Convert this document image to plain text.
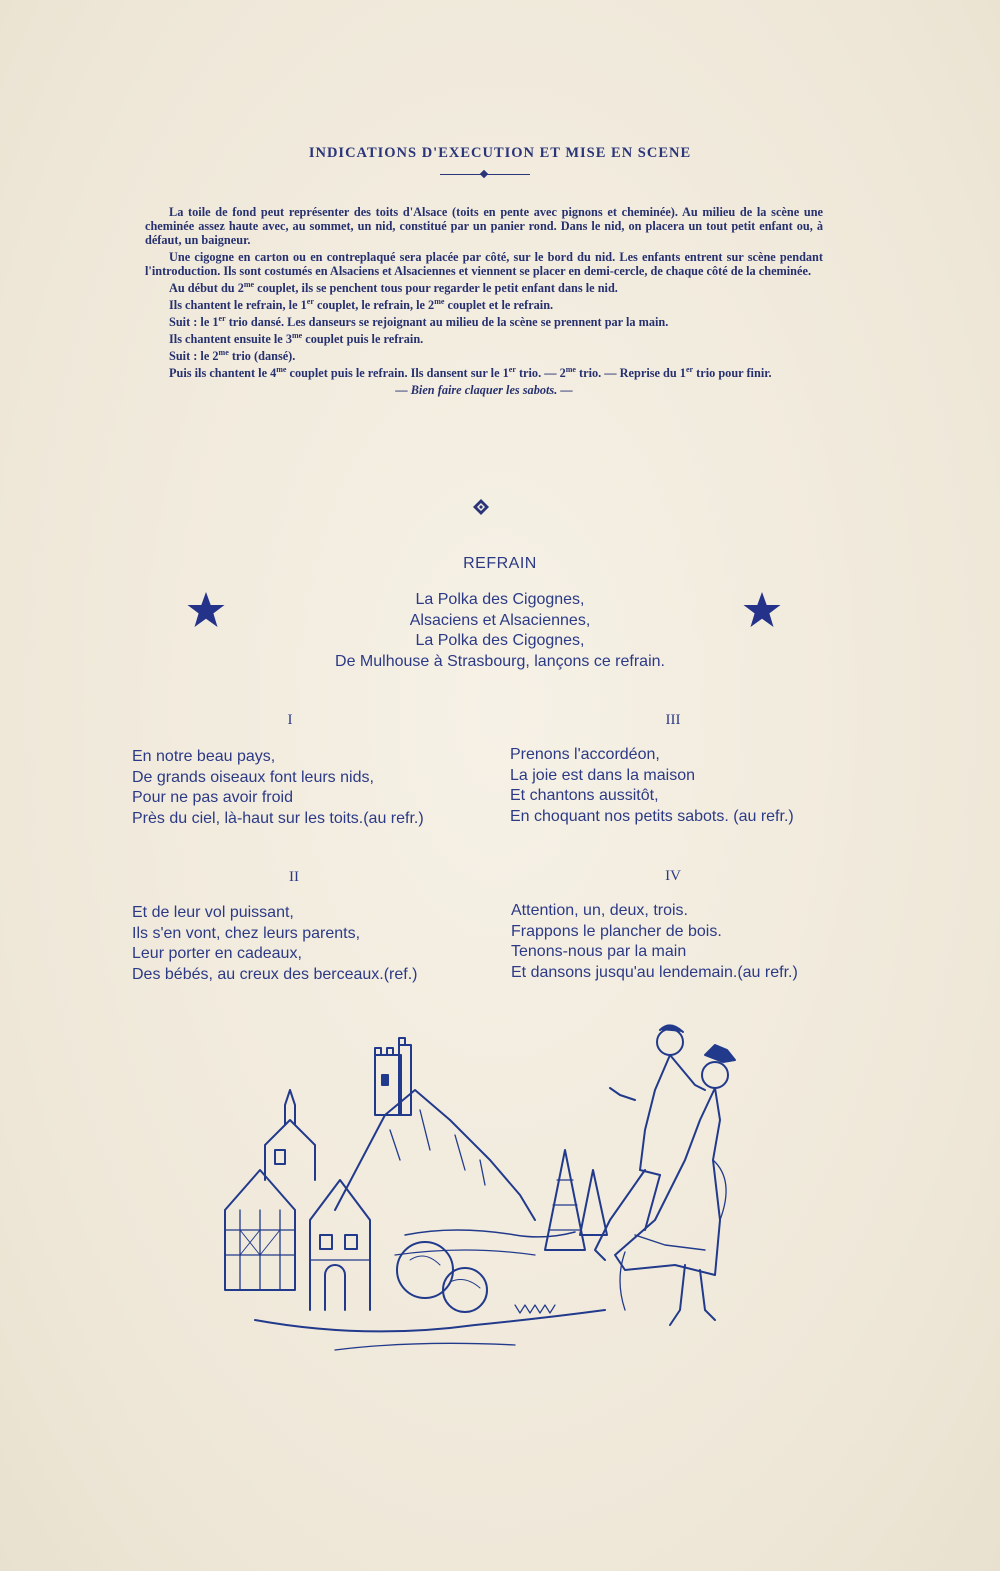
INDICATIONS D'EXECUTION ET MISE EN SCENE

La toile de fond peut représenter des toits d'Alsace (toits en pente avec pignons et cheminée). Au milieu de la scène une cheminée assez haute avec, au sommet, un nid, constitué par un panier rond. Dans le nid, on placera un tout petit enfant ou, à défaut, un baigneur.

Une cigogne en carton ou en contreplaqué sera placée par côté, sur le bord du nid. Les enfants entrent sur scène pendant l'introduction. Ils sont costumés en Alsaciens et Alsaciennes et viennent se placer en demi-cercle, de chaque côté de la cheminée.

Au début du $2^{me}$ couplet, ils se penchent tous pour regarder le petit enfant dans le nid.

Ils chantent le refrain, le 1er couplet, le refrain, le $2^{me}$ couplet et le refrain.

Suit : le 1er trio dansé. Les danseurs se rejoignant au milieu de la scène se prennent par la main.

Ils chantent ensuite le $3^{me}$ couplet puis le refrain.

Suit : le $2^{me}$ trio (dansé).

Puis ils chantent le $4^{me}$ couplet puis le refrain. Ils dansent sur le 1er trio. — $2^{me}$ trio. — Reprise du 1er trio pour finir.

— Bien faire claquer les sabots. —

REFRAIN
La Polka des Cigognes,
Alsaciens et Alsaciennes,
La Polka des Cigognes,
De Mulhouse à Strasbourg, lançons ce refrain.
I
En notre beau pays,
De grands oiseaux font leurs nids,
Pour ne pas avoir froid
Près du ciel, là-haut sur les toits.(au refr.)
II
Et de leur vol puissant,
Ils s'en vont, chez leurs parents,
Leur porter en cadeaux,
Des bébés, au creux des berceaux.(ref.)
III
Prenons l'accordéon,
La joie est dans la maison
Et chantons aussitôt,
En choquant nos petits sabots. (au refr.)
IV
Attention, un, deux, trois.
Frappons le plancher de bois.
Tenons-nous par la main
Et dansons jusqu'au lendemain.(au refr.)
